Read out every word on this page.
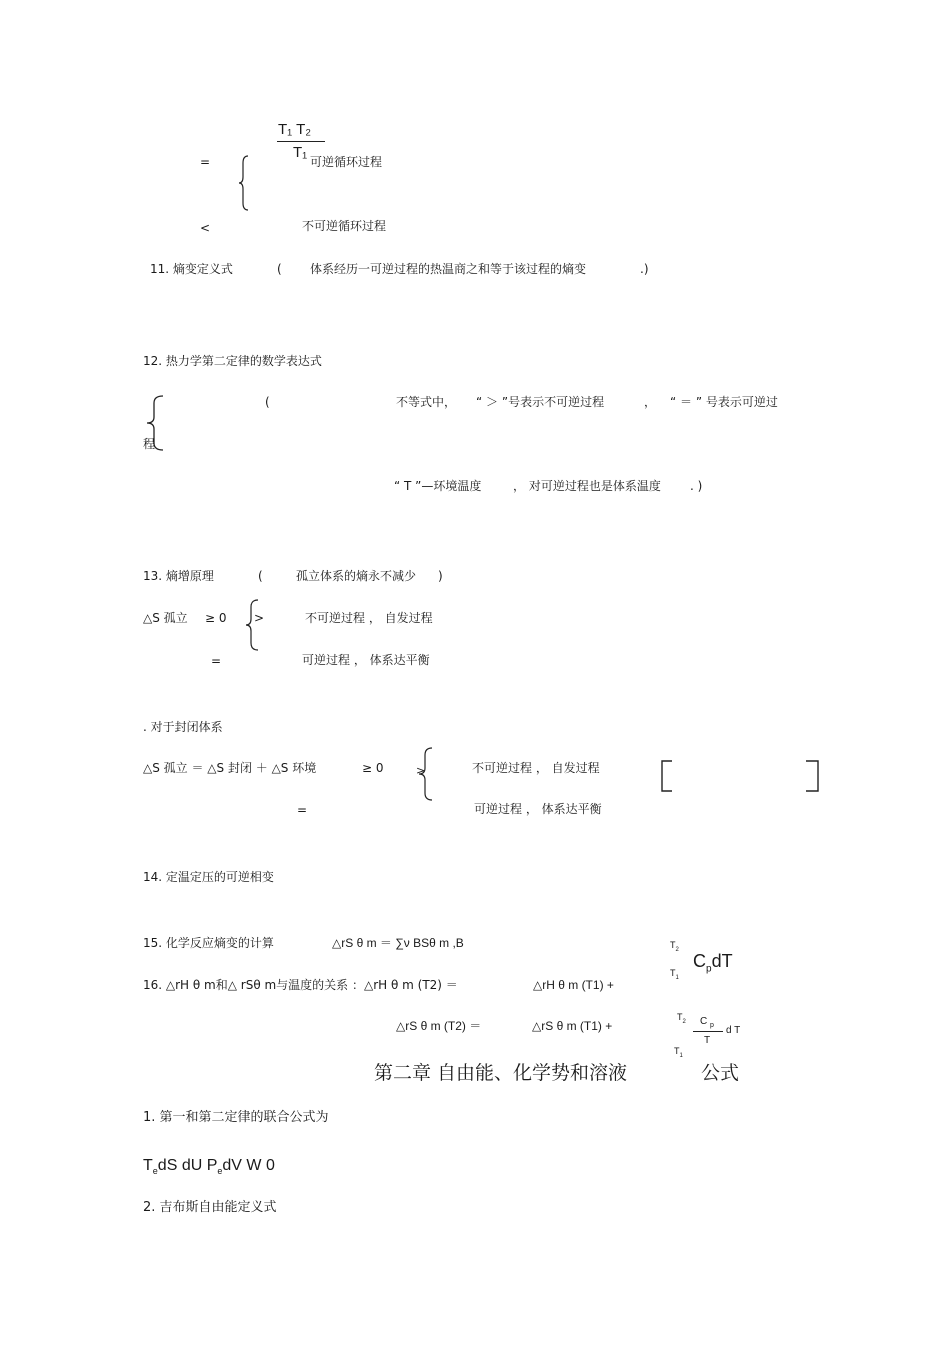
T₁ T₂
T₁
=	可逆循环过程
<	不可逆循环过程
11. 熵变定义式	( 体系经历一可逆过程的热温商之和等于该过程的熵变	.)
12. 热力学第二定律的数学表达式
(	不等式中， “ ＞ ”号表示不可逆过程	， “ ＝ ” 号表示可逆过
程
“ T ”—环境温度	， 对可逆过程也是体系温度 . )
13. 熵增原理	(	孤立体系的熵永不减少 )
△S 孤立 ≥ 0 >	不可逆过程 ， 自发过程
=	可逆过程 ， 体系达平衡
. 对于封闭体系
△S 孤立 ＝ △S 封闭 ＋ △S 环境	≥ 0	>	不可逆过程 ， 自发过程
=	可逆过程 ， 体系达平衡
14. 定温定压的可逆相变
15. 化学反应熵变的计算	△rS θ m ＝ ∑ν BSθ m ,B	$T_2$
$T_1$
$C_pdT$
16. △rH θ m和△ rSθ m与温度的关系 ：△rH θ m (T2) ＝	△rH θ m (T1) +
△rS θ m (T2) ＝	△rS θ m (T1) +
$T_2$
$T_1$
C $_p$
T
d T
第二章 自由能、化学势和溶液	公式
1. 第一和第二定律的联合公式为
$T_edS$ dU $P_edV$ W 0
2. 吉布斯自由能定义式
